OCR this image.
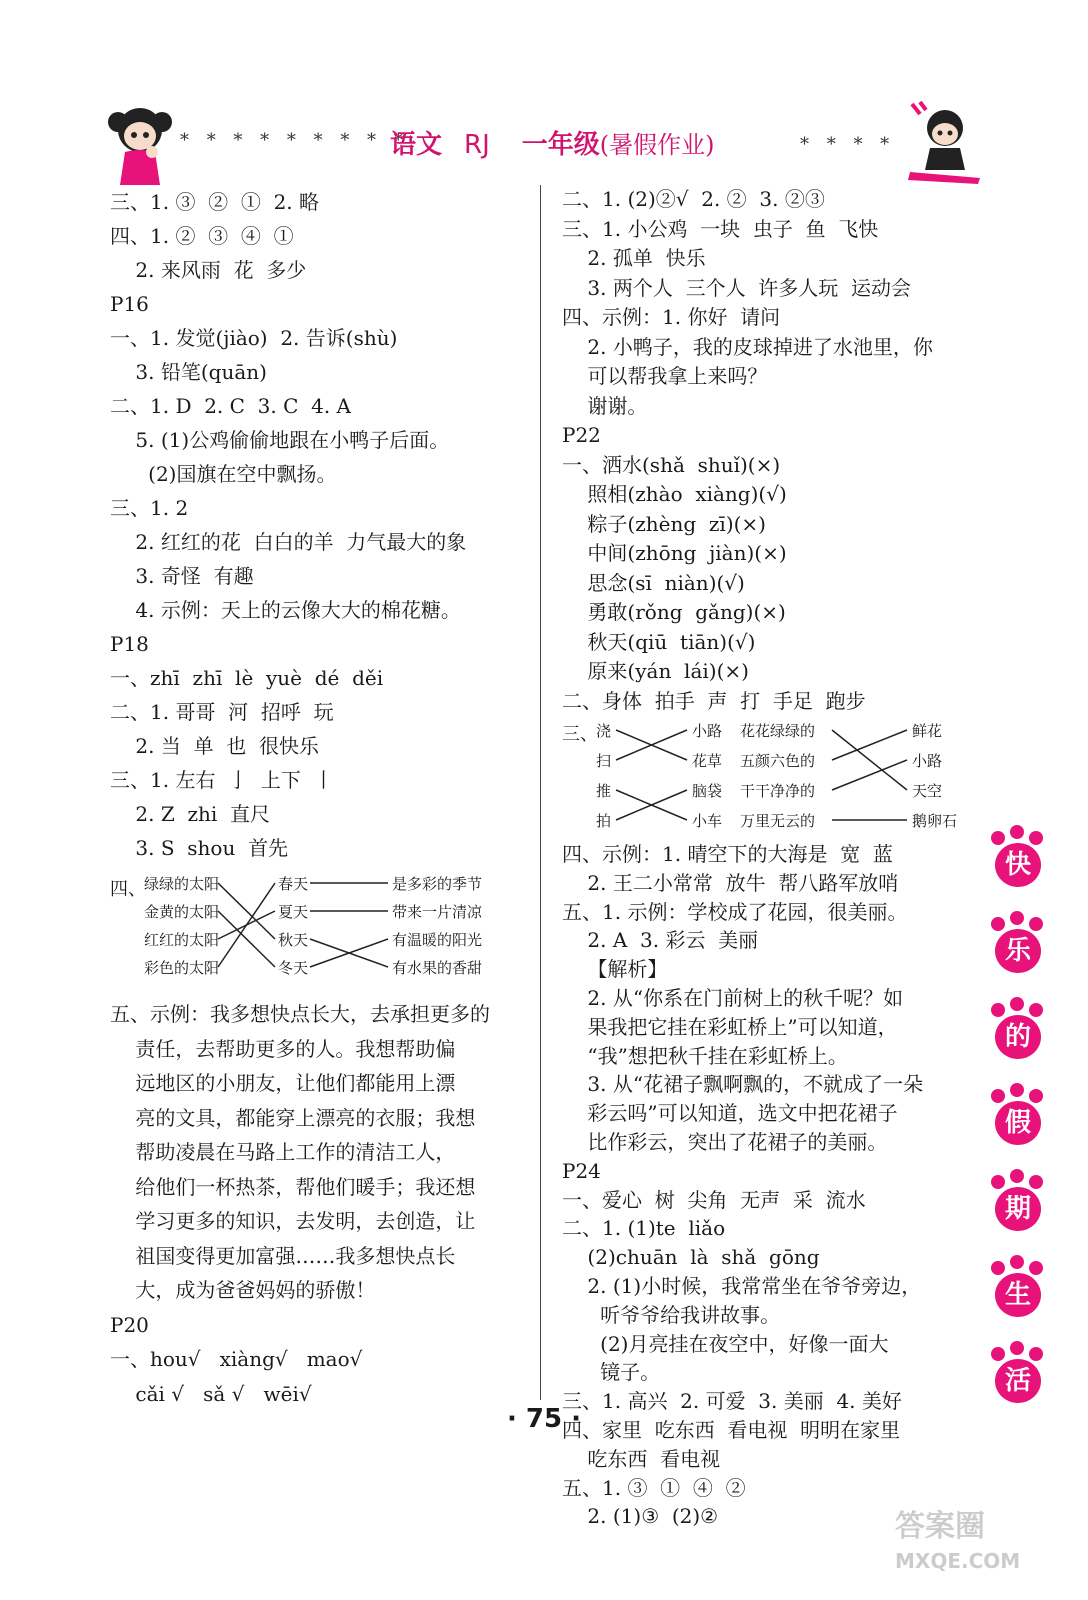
* * * * * * * * *
语文 RJ 一年级(暑假作业)	* * * *
三、1. ③  ②  ①  2. 略
四、1. ②  ③  ④  ①
2. 来风雨  花  多少
P16
一、1. 发觉(jiào)  2. 告诉(shù)
3. 铅笔(quān)
二、1. D  2. C  3. C  4. A
5. (1)公鸡偷偷地跟在小鸭子后面。
(2)国旗在空中飘扬。
三、1. 2
2. 红红的花  白白的羊  力气最大的象
3. 奇怪  有趣
4. 示例：天上的云像大大的棉花糖。
P18
一、zhī  zhī  lè  yuè  dé  děi
二、1. 哥哥  河  招呼  玩
2. 当  单  也  很快乐
三、1. 左右  亅  上下  丨
2. Z  zhi  直尺
3. S  shou  首先
四、
绿绿的太阳
金黄的太阳
红红的太阳
彩色的太阳
春天
夏天
秋天
冬天
是多彩的季节
带来一片清凉
有温暖的阳光
有水果的香甜
五、示例：我多想快点长大，去承担更多的
责任，去帮助更多的人。我想帮助偏
远地区的小朋友，让他们都能用上漂
亮的文具，都能穿上漂亮的衣服；我想
帮助凌晨在马路上工作的清洁工人，
给他们一杯热茶，帮他们暖手；我还想
学习更多的知识，去发明，去创造，让
祖国变得更加富强……我多想快点长
大，成为爸爸妈妈的骄傲！
P20
一、hou√   xiàng√   mao√
cǎi √   sǎ √   wēi√
二、1. (2)②√  2. ②  3. ②③
三、1. 小公鸡  一块  虫子  鱼  飞快
2. 孤单  快乐
3. 两个人  三个人  许多人玩  运动会
四、示例：1. 你好  请问
2. 小鸭子，我的皮球掉进了水池里，你
可以帮我拿上来吗？
谢谢。
P22
一、洒水(shǎ  shuǐ)(×)
照相(zhào  xiàng)(√)
粽子(zhèng  zī)(×)
中间(zhōng  jiàn)(×)
思念(sī  niàn)(√)
勇敢(rǒng  gǎng)(×)
秋天(qiū  tiān)(√)
原来(yán  lái)(×)
二、身体  拍手  声  打  手足  跑步
三、
浇
扫
推
拍
小路
花草
脑袋
小车
花花绿绿的
五颜六色的
干干净净的
万里无云的
鲜花
小路
天空
鹅卵石
四、示例：1. 晴空下的大海是  宽  蓝
2. 王二小常常  放牛  帮八路军放哨
五、1. 示例：学校成了花园，很美丽。
2. A  3. 彩云  美丽
【解析】
2. 从“你系在门前树上的秋千呢？如
果我把它挂在彩虹桥上”可以知道，
“我”想把秋千挂在彩虹桥上。
3. 从“花裙子飘啊飘的，不就成了一朵
彩云吗”可以知道，选文中把花裙子
比作彩云，突出了花裙子的美丽。
P24
一、爱心  树  尖角  无声  采  流水
二、1. (1)te  liǎo
(2)chuān  là  shǎ  gōng
2. (1)小时候，我常常坐在爷爷旁边，
听爷爷给我讲故事。
(2)月亮挂在夜空中，好像一面大
镜子。
三、1. 高兴  2. 可爱  3. 美丽  4. 美好
四、家里  吃东西  看电视  明明在家里
吃东西  看电视
五、1. ③  ①  ④  ②
2. (1)③  (2)②
快
乐
的
假
期
生
活
· 75 ·
答案圈
MXQE.COM
